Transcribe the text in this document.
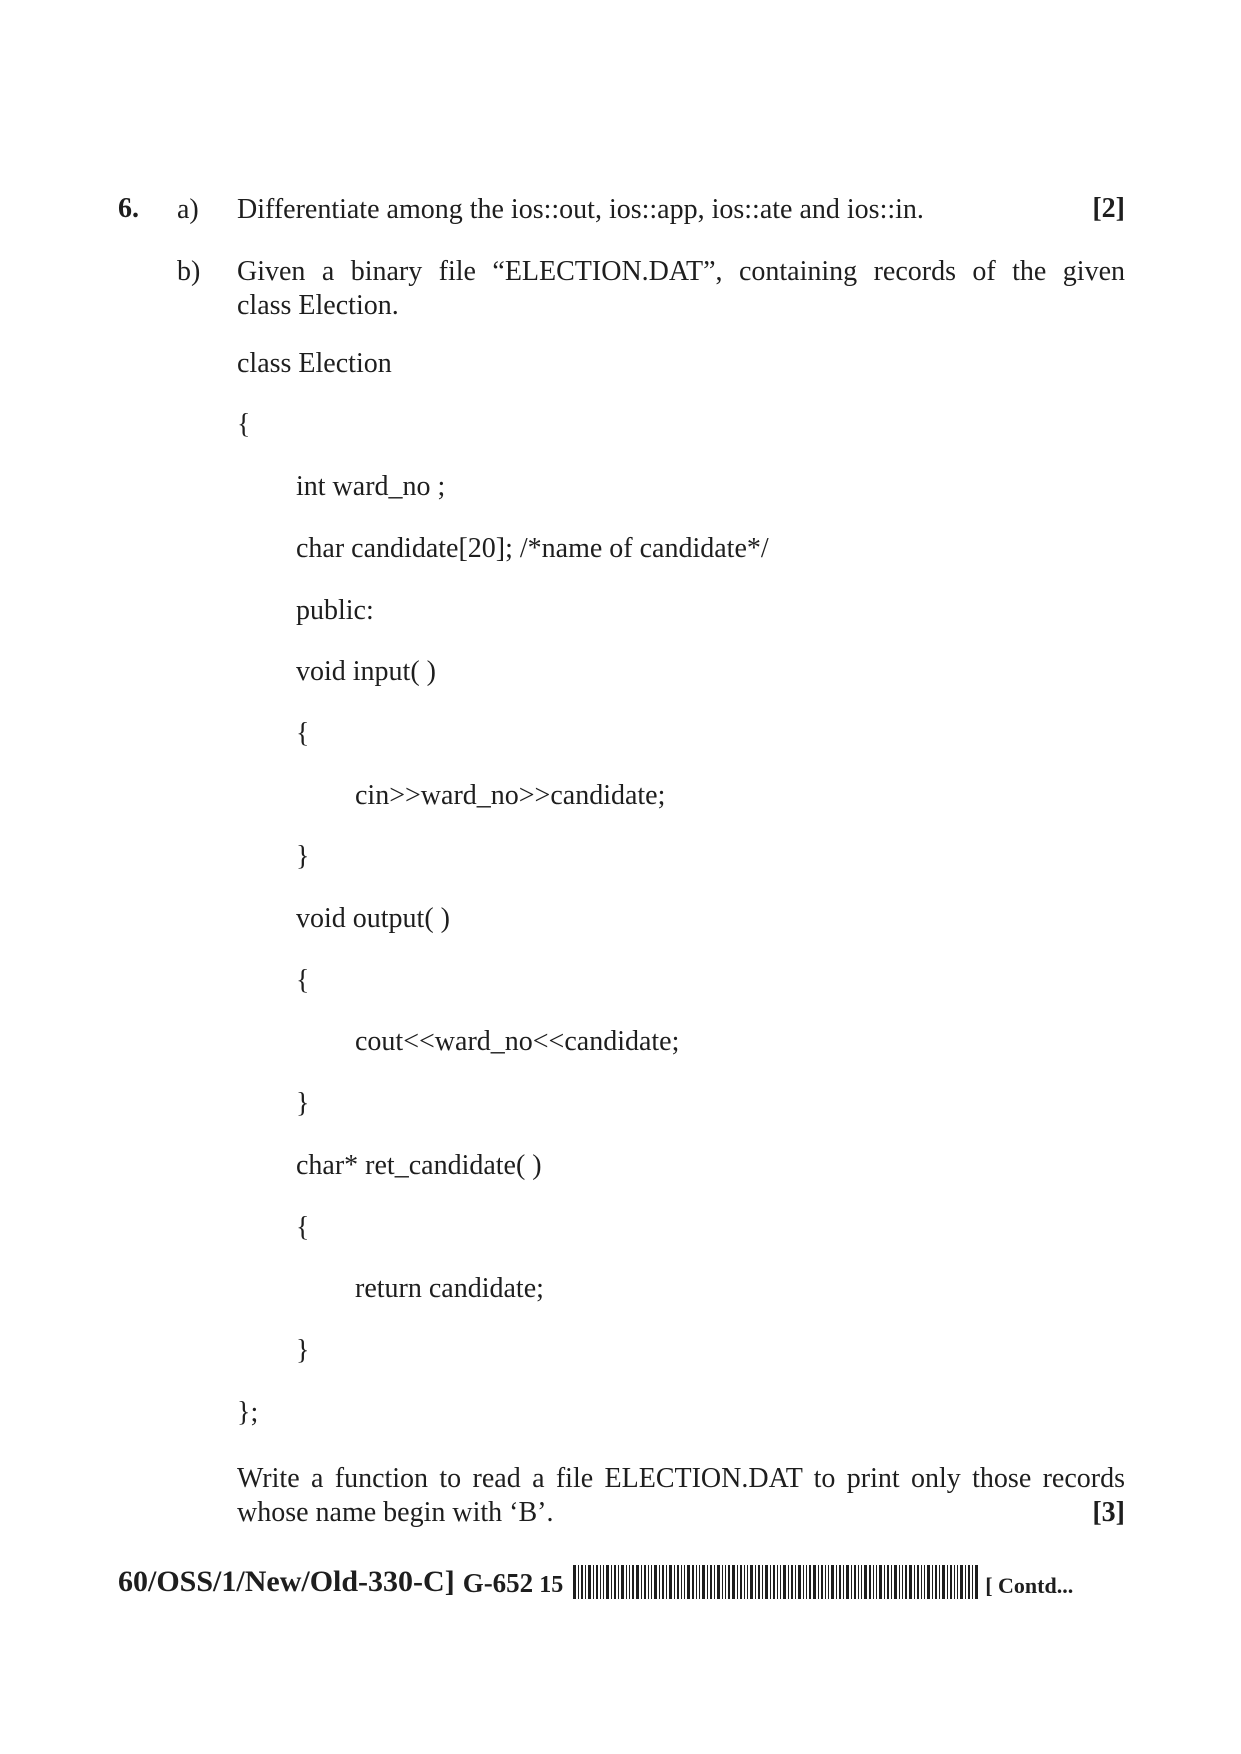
6. a) Differentiate among the ios::out, ios::app, ios::ate and ios::in.	[2]
b) Given a binary file “ELECTION.DAT”, containing records of the given
class Election.
class Election
{
int ward_no ;
char candidate[20]; /*name of candidate*/
public:
void input( )
{
cin>>ward_no>>candidate;
}
void output( )
{
cout<<ward_no<<candidate;
}
char* ret_candidate( )
{
return candidate;
}
};
Write a function to read a file ELECTION.DAT to print only those records
whose name begin with ‘B’.	[3]
60/OSS/1/New/Old-330-C] G-652 15	[ Contd...
